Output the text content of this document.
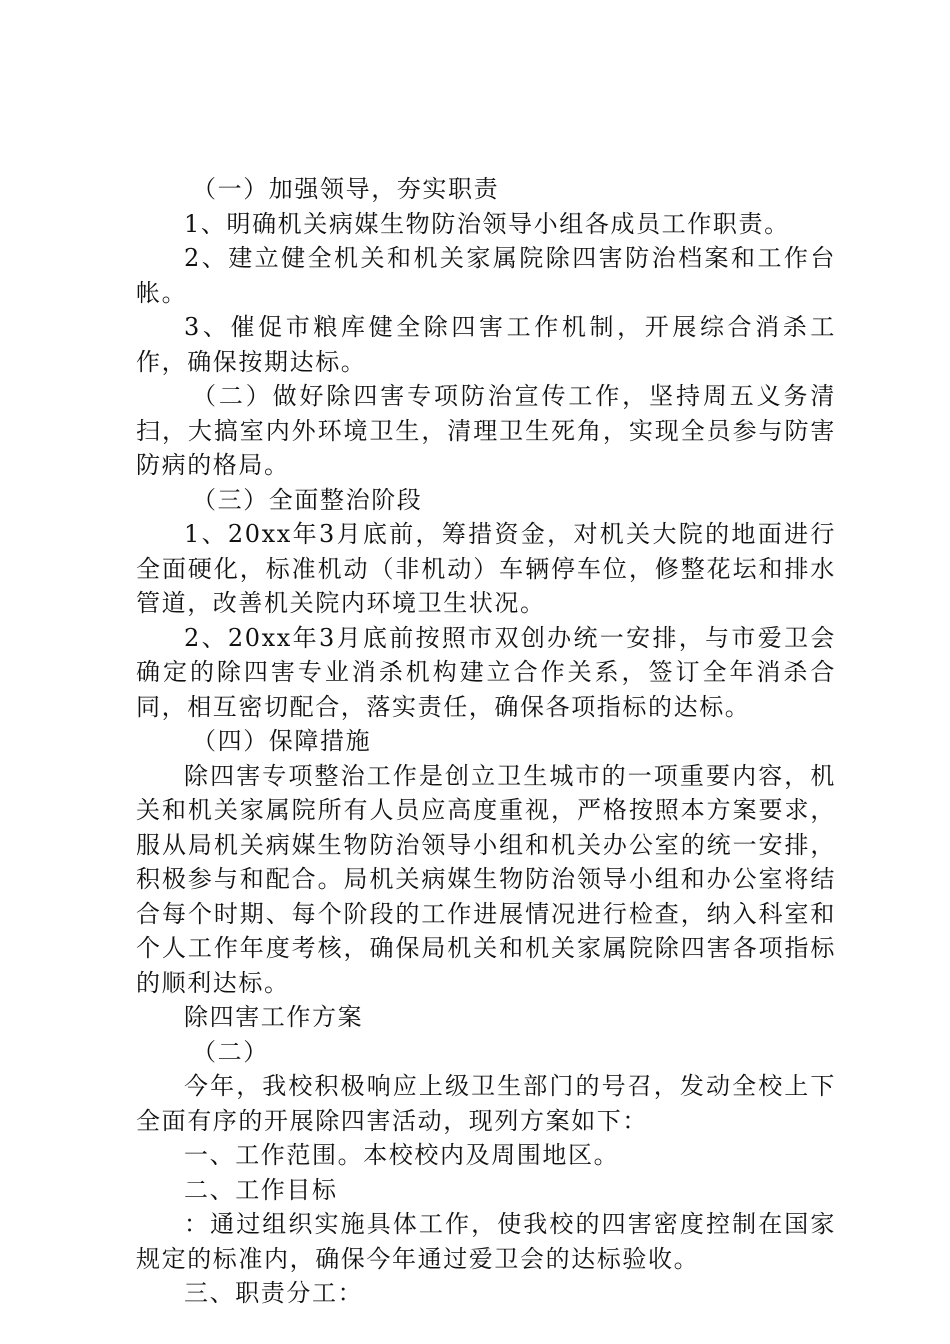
（一）加强领导，夯实职责

1、明确机关病媒生物防治领导小组各成员工作职责。

2、建立健全机关和机关家属院除四害防治档案和工作台帐。

3、催促市粮库健全除四害工作机制，开展综合消杀工作，确保按期达标。

（二）做好除四害专项防治宣传工作，坚持周五义务清扫，大搞室内外环境卫生，清理卫生死角，实现全员参与防害防病的格局。

（三）全面整治阶段

1、20xx年3月底前，筹措资金，对机关大院的地面进行全面硬化，标准机动（非机动）车辆停车位，修整花坛和排水管道，改善机关院内环境卫生状况。

2、20xx年3月底前按照市双创办统一安排，与市爱卫会确定的除四害专业消杀机构建立合作关系，签订全年消杀合同，相互密切配合，落实责任，确保各项指标的达标。

（四）保障措施

除四害专项整治工作是创立卫生城市的一项重要内容，机关和机关家属院所有人员应高度重视，严格按照本方案要求，服从局机关病媒生物防治领导小组和机关办公室的统一安排，积极参与和配合。局机关病媒生物防治领导小组和办公室将结合每个时期、每个阶段的工作进展情况进行检查，纳入科室和个人工作年度考核，确保局机关和机关家属院除四害各项指标的顺利达标。

除四害工作方案

（二）

今年，我校积极响应上级卫生部门的号召，发动全校上下全面有序的开展除四害活动，现列方案如下：

一、工作范围。本校校内及周围地区。

二、工作目标

：通过组织实施具体工作，使我校的四害密度控制在国家规定的标准内，确保今年通过爱卫会的达标验收。

三、职责分工：
